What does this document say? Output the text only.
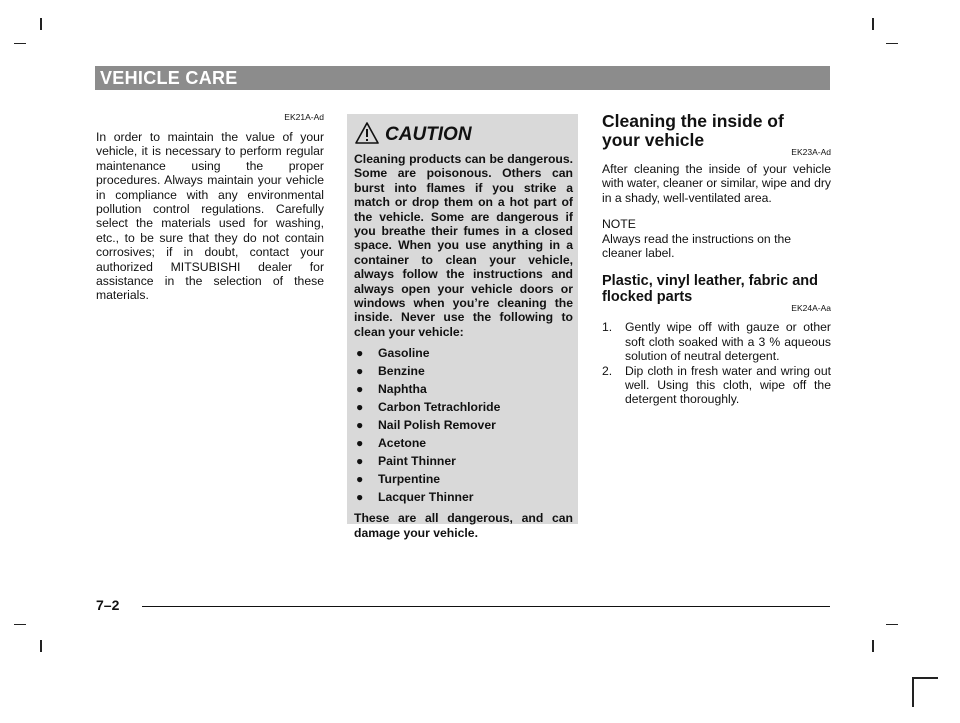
VEHICLE CARE
EK21A-Ad

In order to maintain the value of your vehicle, it is necessary to perform regular maintenance using the proper procedures. Always maintain your vehicle in compliance with any environmental pollution control regulations. Carefully select the materials used for washing, etc., to be sure that they do not contain corrosives; if in doubt, contact your authorized MITSUBISHI dealer for assistance in the selection of these materials.

CAUTION

Cleaning products can be dangerous. Some are poisonous. Others can burst into flames if you strike a match or drop them on a hot part of the vehicle. Some are dangerous if you breathe their fumes in a closed space. When you use anything in a container to clean your vehicle, always follow the instructions and always open your vehicle doors or windows when you’re cleaning the inside. Never use the following to clean your vehicle:

● Gasoline
● Benzine
● Naphtha
● Carbon Tetrachloride
● Nail Polish Remover
● Acetone
● Paint Thinner
● Turpentine
● Lacquer Thinner

These are all dangerous, and can damage your vehicle.

Cleaning the inside of your vehicle
EK23A-Ad

After cleaning the inside of your vehicle with water, cleaner or similar, wipe and dry in a shady, well-ventilated area.

NOTE
Always read the instructions on the cleaner label.
Plastic, vinyl leather, fabric and flocked parts
EK24A-Aa
1. Gently wipe off with gauze or other soft cloth soaked with a 3 % aqueous solution of neutral detergent.
2. Dip cloth in fresh water and wring out well. Using this cloth, wipe off the detergent thoroughly.
7–2
